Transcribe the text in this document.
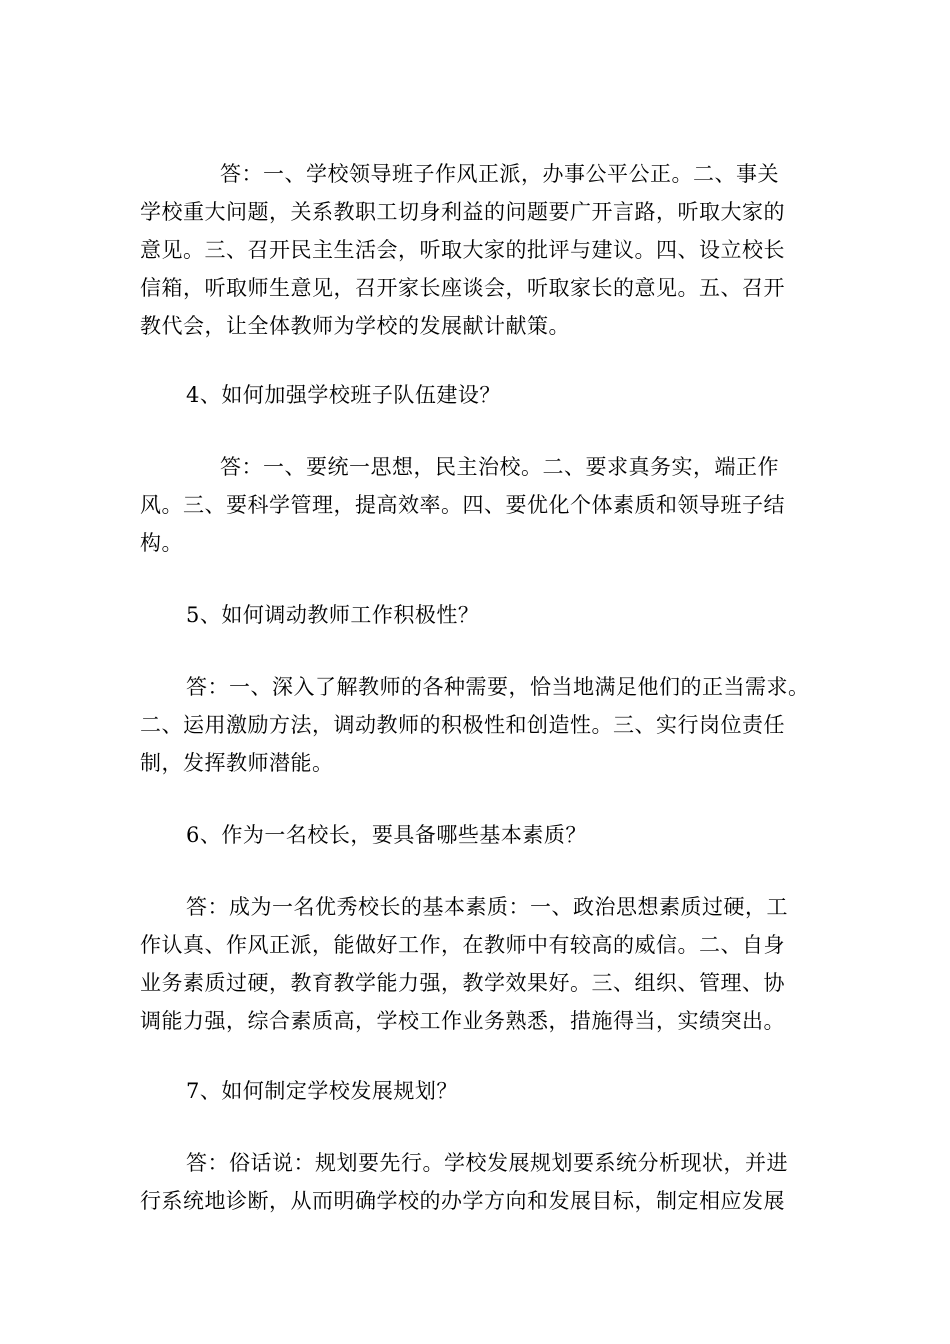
答：一、学校领导班子作风正派，办事公平公正。二、事关
学校重大问题，关系教职工切身利益的问题要广开言路，听取大家的
意见。三、召开民主生活会，听取大家的批评与建议。四、设立校长
信箱，听取师生意见，召开家长座谈会，听取家长的意见。五、召开
教代会，让全体教师为学校的发展献计献策。
4、如何加强学校班子队伍建设？
答：一、要统一思想，民主治校。二、要求真务实，端正作
风。三、要科学管理，提高效率。四、要优化个体素质和领导班子结
构。
5、如何调动教师工作积极性？
答：一、深入了解教师的各种需要，恰当地满足他们的正当需求。
二、运用激励方法，调动教师的积极性和创造性。三、实行岗位责任
制，发挥教师潜能。
6、作为一名校长，要具备哪些基本素质？
答：成为一名优秀校长的基本素质：一、政治思想素质过硬，工
作认真、作风正派，能做好工作，在教师中有较高的威信。二、自身
业务素质过硬，教育教学能力强，教学效果好。三、组织、管理、协
调能力强，综合素质高，学校工作业务熟悉，措施得当，实绩突出。
7、如何制定学校发展规划？
答：俗话说：规划要先行。学校发展规划要系统分析现状，并进
行系统地诊断，从而明确学校的办学方向和发展目标，制定相应发展
